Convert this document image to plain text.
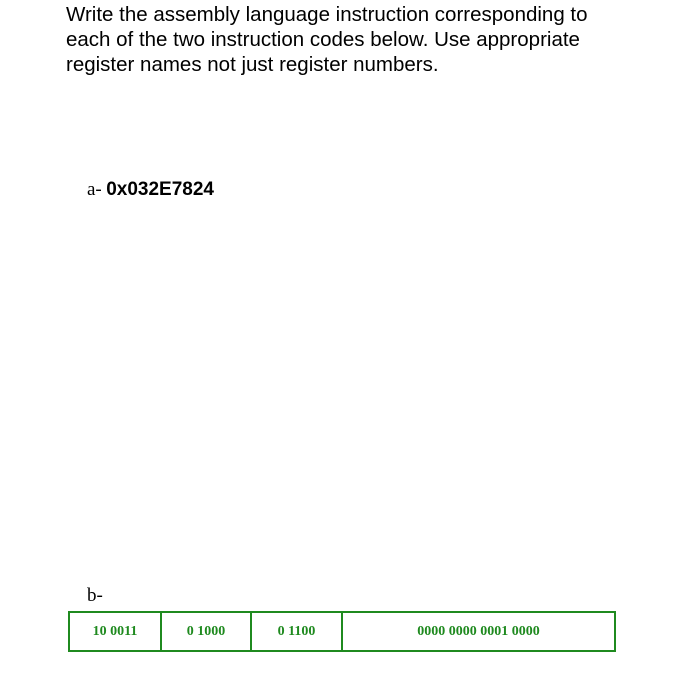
Write the assembly language instruction corresponding to
each of the two instruction codes below. Use appropriate
register names not just register numbers.
a- 0x032E7824
b-
10 0011	0 1000	0 1100	0000 0000 0001 0000
